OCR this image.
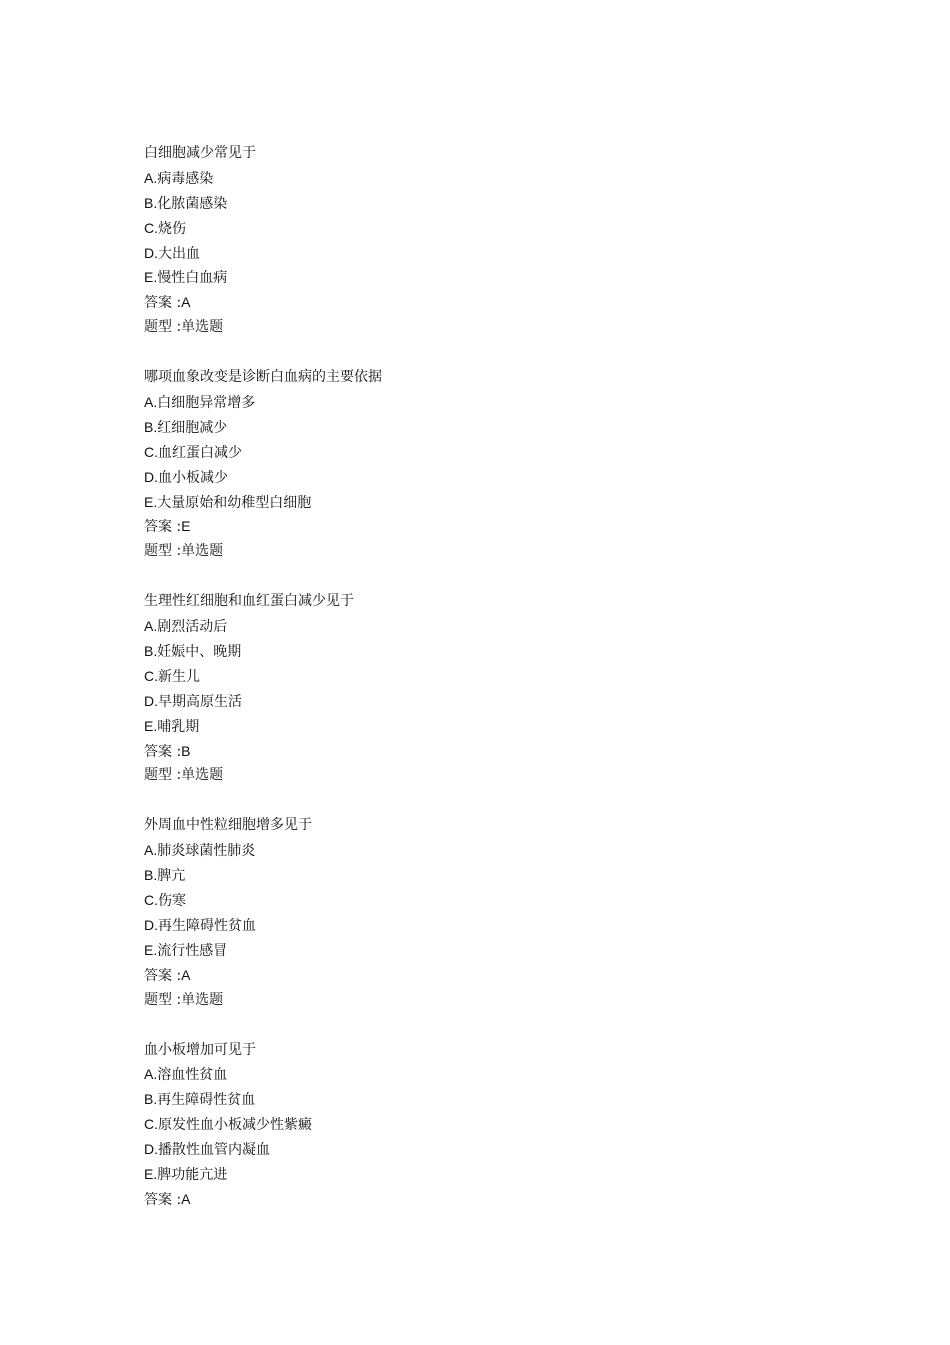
白细胞减少常见于
A.病毒感染
B.化脓菌感染
C.烧伤
D.大出血
E.慢性白血病
答案 :A
题型 :单选题
哪项血象改变是诊断白血病的主要依据
A.白细胞异常增多
B.红细胞减少
C.血红蛋白减少
D.血小板减少
E.大量原始和幼稚型白细胞
答案 :E
题型 :单选题
生理性红细胞和血红蛋白减少见于
A.剧烈活动后
B.妊娠中、晚期
C.新生儿
D.早期高原生活
E.哺乳期
答案 :B
题型 :单选题
外周血中性粒细胞增多见于
A.肺炎球菌性肺炎
B.脾亢
C.伤寒
D.再生障碍性贫血
E.流行性感冒
答案 :A
题型 :单选题
血小板增加可见于
A.溶血性贫血
B.再生障碍性贫血
C.原发性血小板减少性紫癜
D.播散性血管内凝血
E.脾功能亢进
答案 :A
